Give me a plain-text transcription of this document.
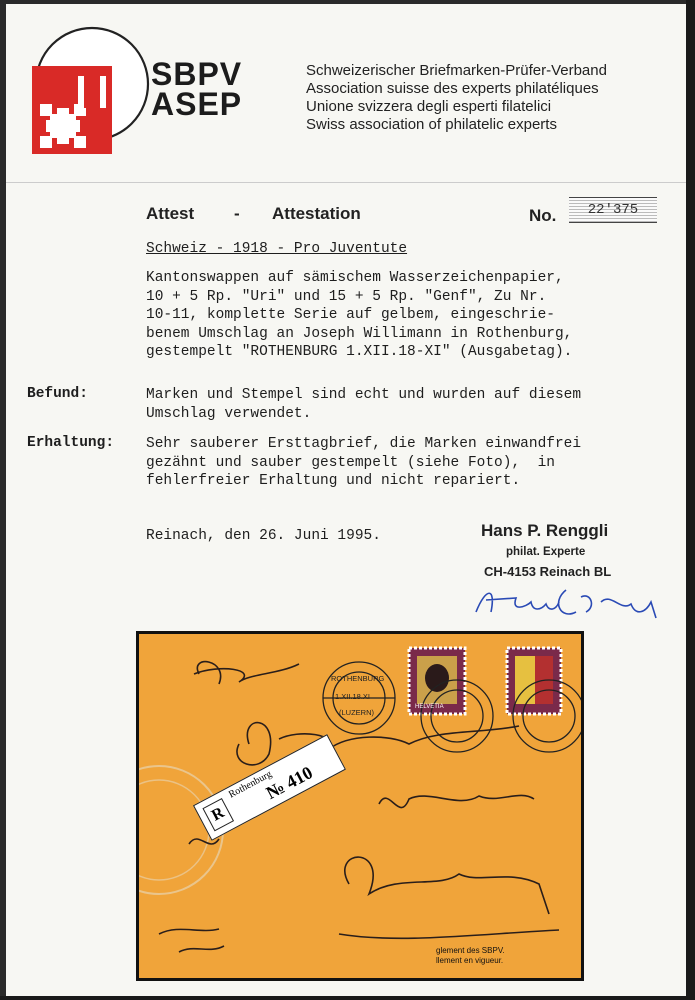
SBPV
ASEP
Schweizerischer Briefmarken-Prüfer-Verband
Association suisse des experts philatéliques
Unione svizzera degli esperti filatelici
Swiss association of philatelic experts
Attest - Attestation	No.	22'375
Schweiz - 1918 - Pro Juventute
Kantonswappen auf sämischem Wasserzeichenpapier,
10 + 5 Rp. "Uri" und 15 + 5 Rp. "Genf", Zu Nr.
10-11, komplette Serie auf gelbem, eingeschrie-
benem Umschlag an Joseph Willimann in Rothenburg,
gestempelt "ROTHENBURG 1.XII.18-XI" (Ausgabetag).
Befund:	Marken und Stempel sind echt und wurden auf diesem
Umschlag verwendet.
Erhaltung: Sehr sauberer Ersttagbrief, die Marken einwandfrei
gezähnt und sauber gestempelt (siehe Foto),  in
fehlerfreier Erhaltung und nicht repariert.
Reinach, den 26. Juni 1995.	Hans P. Renggli
philat. Experte
CH-4153 Reinach BL
ROTHENBURG
1.XII.18.XI
(LUZERN)
HELVETIA
R
Rothenburg
№ 410
glement des SBPV.
llement en vigueur.
